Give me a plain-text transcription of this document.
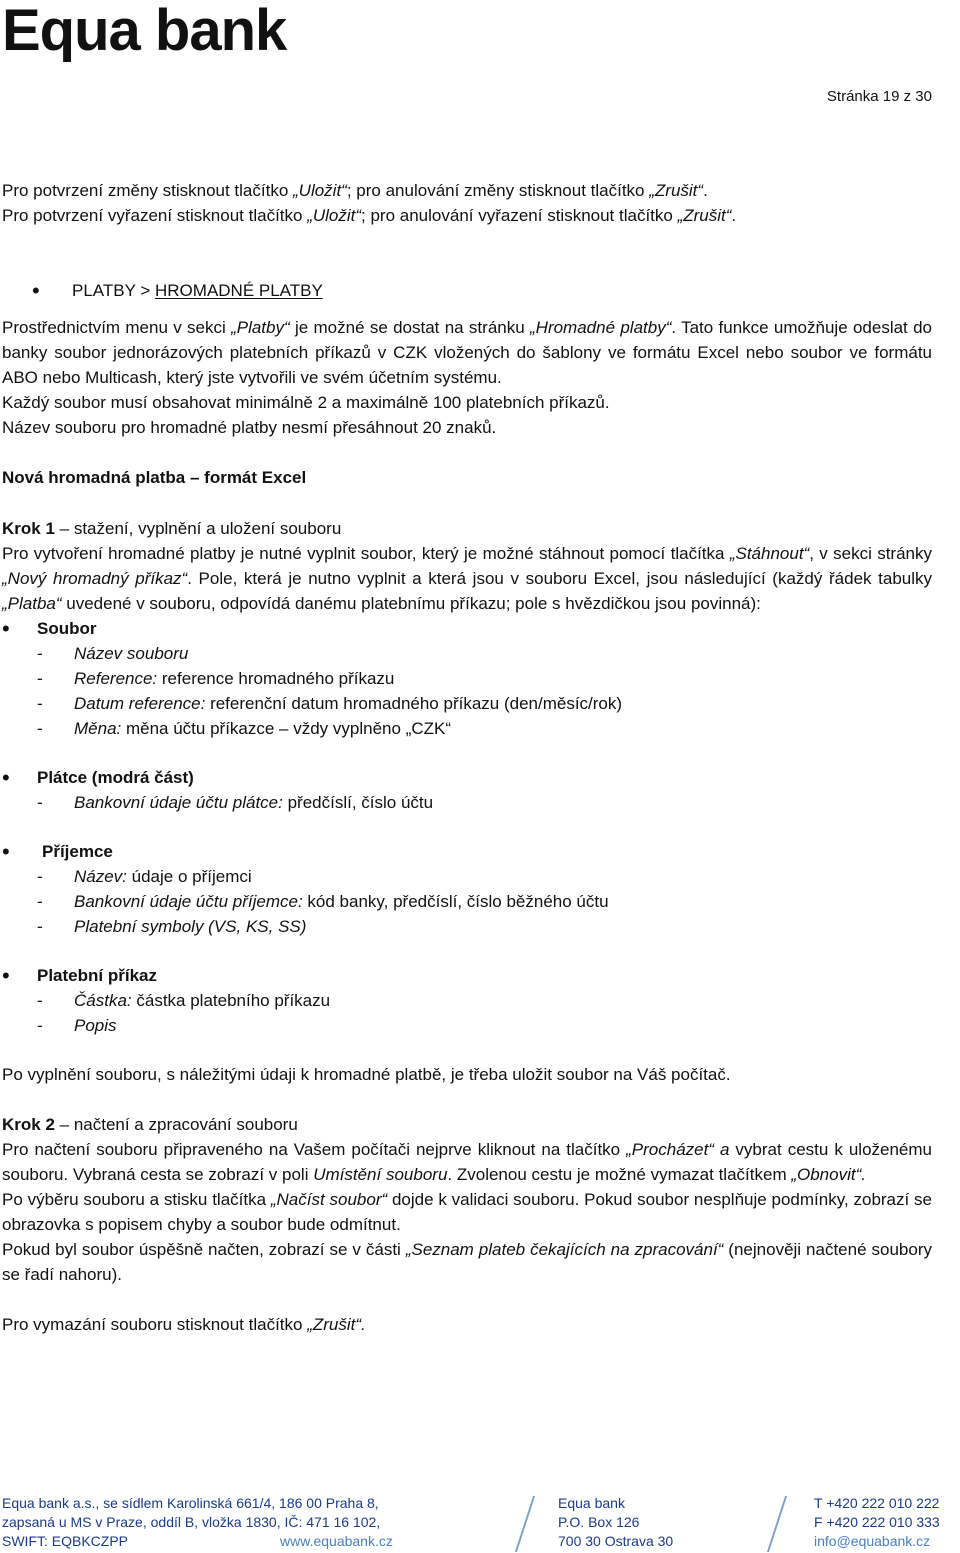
Equa bank
Stránka 19 z 30

Pro potvrzení změny stisknout tlačítko „Uložit“; pro anulování změny stisknout tlačítko „Zrušit“.

Pro potvrzení vyřazení stisknout tlačítko „Uložit“; pro anulování vyřazení stisknout tlačítko „Zrušit“.

• PLATBY > HROMADNÉ PLATBY

Prostřednictvím menu v sekci „Platby“ je možné se dostat na stránku „Hromadné platby“. Tato funkce umožňuje odeslat do banky soubor jednorázových platebních příkazů v CZK vložených do šablony ve formátu Excel nebo soubor ve formátu ABO nebo Multicash, který jste vytvořili ve svém účetním systému.

Každý soubor musí obsahovat minimálně 2 a maximálně 100 platebních příkazů.

Název souboru pro hromadné platby nesmí přesáhnout 20 znaků.

Nová hromadná platba – formát Excel

Krok 1 – stažení, vyplnění a uložení souboru

Pro vytvoření hromadné platby je nutné vyplnit soubor, který je možné stáhnout pomocí tlačítka „Stáhnout“, v sekci stránky „Nový hromadný příkaz“. Pole, která je nutno vyplnit a která jsou v souboru Excel, jsou následující (každý řádek tabulky „Platba“ uvedené v souboru, odpovídá danému platebnímu příkazu; pole s hvězdičkou jsou povinná):

• Soubor

- Název souboru

- Reference: reference hromadného příkazu

- Datum reference: referenční datum hromadného příkazu (den/měsíc/rok)

- Měna: měna účtu příkazce – vždy vyplněno „CZK“

• Plátce (modrá část)

- Bankovní údaje účtu plátce: předčíslí, číslo účtu

• Příjemce

- Název: údaje o příjemci

- Bankovní údaje účtu příjemce: kód banky, předčíslí, číslo běžného účtu

- Platební symboly (VS, KS, SS)

• Platební příkaz

- Částka: částka platebního příkazu

- Popis

Po vyplnění souboru, s náležitými údaji k hromadné platbě, je třeba uložit soubor na Váš počítač.

Krok 2 – načtení a zpracování souboru

Pro načtení souboru připraveného na Vašem počítači nejprve kliknout na tlačítko „Procházet“ a vybrat cestu k uloženému souboru. Vybraná cesta se zobrazí v poli Umístění souboru. Zvolenou cestu je možné vymazat tlačítkem „Obnovit“.

Po výběru souboru a stisku tlačítka „Načíst soubor“ dojde k validaci souboru. Pokud soubor nesplňuje podmínky, zobrazí se obrazovka s popisem chyby a soubor bude odmítnut.

Pokud byl soubor úspěšně načten, zobrazí se v části „Seznam plateb čekajících na zpracování“ (nejnověji načtené soubory se řadí nahoru).

Pro vymazání souboru stisknout tlačítko „Zrušit“.

Equa bank a.s., se sídlem Karolinská 661/4, 186 00 Praha 8,
zapsaná u MS v Praze, oddíl B, vložka 1830, IČ: 471 16 102,
SWIFT: EQBKCZPP	www.equabank.cz
Equa bank
P.O. Box 126
700 30 Ostrava 30
T +420 222 010 222
F +420 222 010 333
info@equabank.cz
